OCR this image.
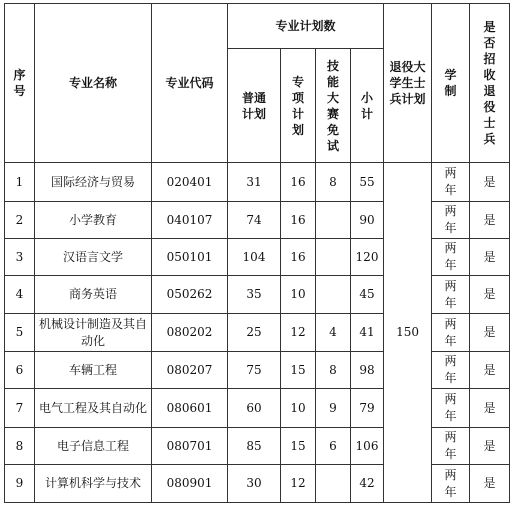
序号	专业名称	专业代码	专业计划数				退役大学生士兵计划	学制	是否招收退役士兵

			普通计划	专项计划	技能大赛免试	小计			

1	国际经济与贸易	020401	31	16	8	55	150	两年	是
2	小学教育	040107	74	16		90		两年	是
3	汉语言文学	050101	104	16		120		两年	是
4	商务英语	050262	35	10		45		两年	是
5	机械设计制造及其自动化	080202	25	12	4	41		两年	是
6	车辆工程	080207	75	15	8	98		两年	是
7	电气工程及其自动化	080601	60	10	9	79		两年	是
8	电子信息工程	080701	85	15	6	106		两年	是
9	计算机科学与技术	080901	30	12		42		两年	是
